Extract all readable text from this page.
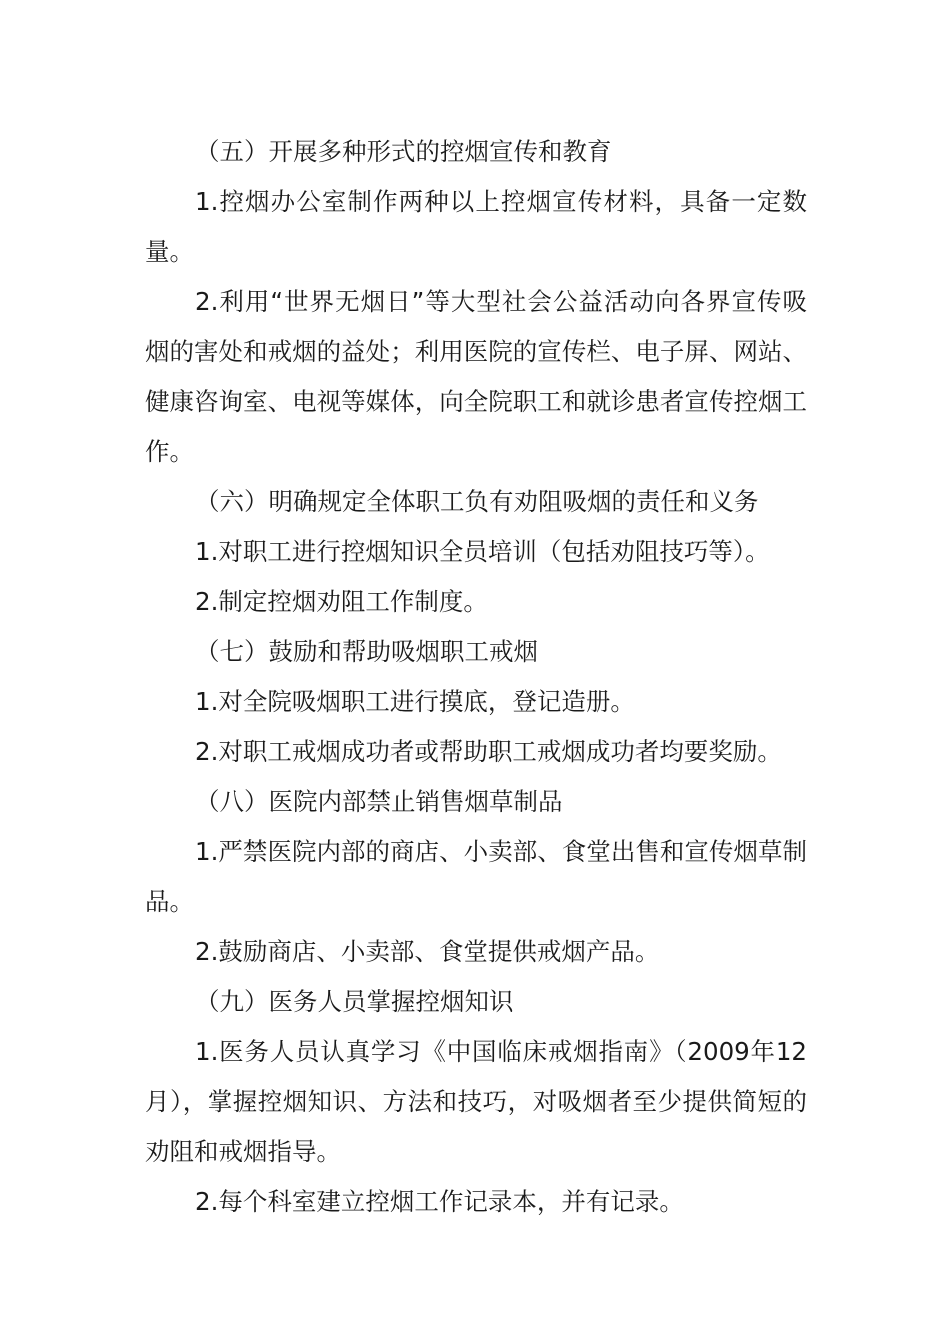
（五）开展多种形式的控烟宣传和教育

1.控烟办公室制作两种以上控烟宣传材料，具备一定数量。

2.利用“世界无烟日”等大型社会公益活动向各界宣传吸烟的害处和戒烟的益处；利用医院的宣传栏、电子屏、网站、健康咨询室、电视等媒体，向全院职工和就诊患者宣传控烟工作。

（六）明确规定全体职工负有劝阻吸烟的责任和义务

1.对职工进行控烟知识全员培训（包括劝阻技巧等）。

2.制定控烟劝阻工作制度。

（七）鼓励和帮助吸烟职工戒烟

1.对全院吸烟职工进行摸底，登记造册。

2.对职工戒烟成功者或帮助职工戒烟成功者均要奖励。

（八）医院内部禁止销售烟草制品

1.严禁医院内部的商店、小卖部、食堂出售和宣传烟草制品。

2.鼓励商店、小卖部、食堂提供戒烟产品。

（九）医务人员掌握控烟知识

1.医务人员认真学习《中国临床戒烟指南》（2009年12月），掌握控烟知识、方法和技巧，对吸烟者至少提供简短的劝阻和戒烟指导。

2.每个科室建立控烟工作记录本，并有记录。
